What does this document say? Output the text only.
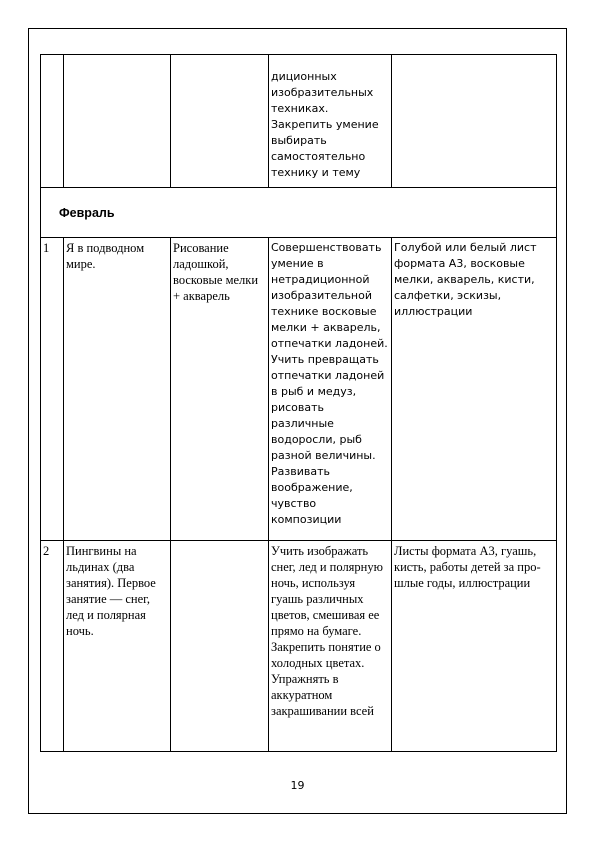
			диционных изобразительных техниках. Закрепить умение выбирать самостоятельно технику и тему	
Февраль				
1	Я в подводном мире.	Рисование ладошкой, восковые мелки + акварель	Совершенствовать умение в нетрадиционной изобразительной технике восковые мелки + акварель, отпечатки ладоней. Учить превращать отпечатки ладоней в рыб и медуз, рисовать различные водоросли, рыб разной величины. Развивать воображение, чувство композиции	Голубой или белый лист формата А3, восковые мелки, акварель, кисти, салфетки, эскизы, иллюстрации
2	Пингвины на льдинах (два занятия). Первое занятие — снег, лед и полярная ночь.		Учить изображать снег, лед и полярную ночь, используя гуашь различных цветов, смешивая ее прямо на бумаге. Закрепить понятие о холодных цветах. Упражнять в аккуратном закрашивании всей	Листы формата А3, гуашь, кисть, работы детей за про-шлые годы, иллюстрации
19
